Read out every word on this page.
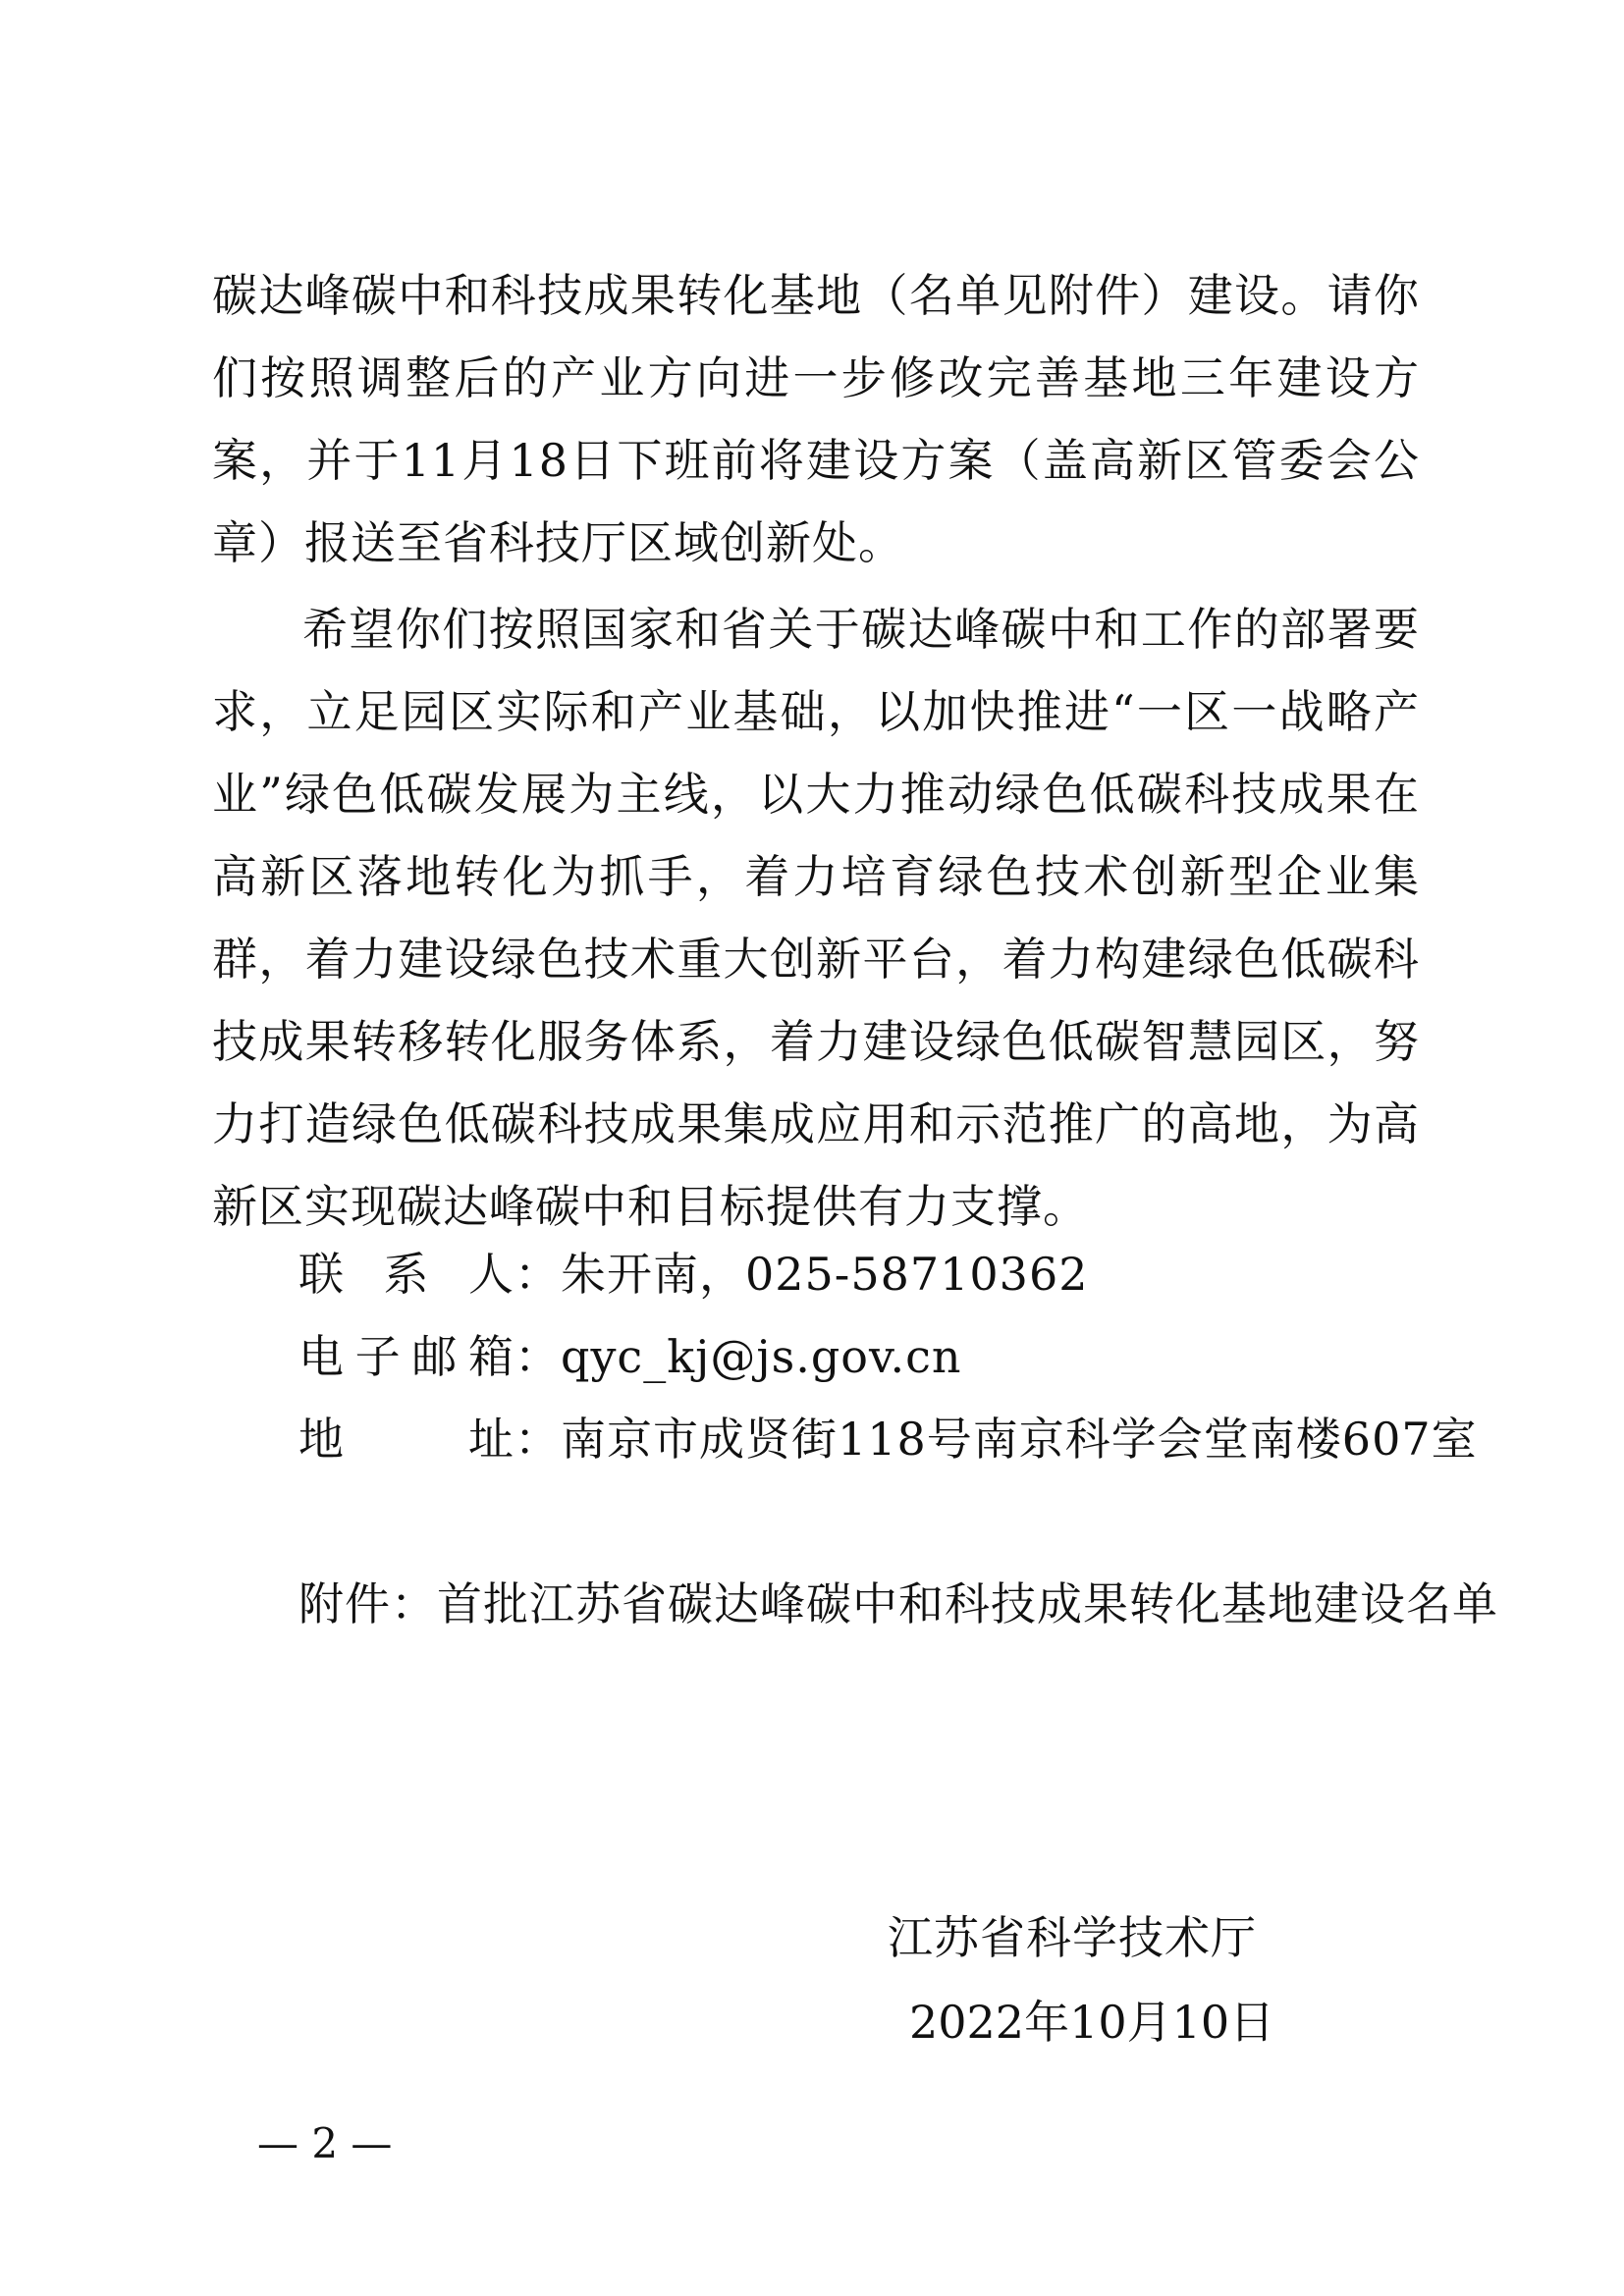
碳达峰碳中和科技成果转化基地（名单见附件）建设。请你们按照调整后的产业方向进一步修改完善基地三年建设方案，并于11月18日下班前将建设方案（盖高新区管委会公章）报送至省科技厅区域创新处。

希望你们按照国家和省关于碳达峰碳中和工作的部署要求，立足园区实际和产业基础，以加快推进“一区一战略产业”绿色低碳发展为主线，以大力推动绿色低碳科技成果在高新区落地转化为抓手，着力培育绿色技术创新型企业集群，着力建设绿色技术重大创新平台，着力构建绿色低碳科技成果转移转化服务体系，着力建设绿色低碳智慧园区，努力打造绿色低碳科技成果集成应用和示范推广的高地，为高新区实现碳达峰碳中和目标提供有力支撑。

联系人：朱开南，025-58710362

电子邮箱：qyc_kj@js.gov.cn

地址：南京市成贤街118号南京科学会堂南楼607室

附件：首批江苏省碳达峰碳中和科技成果转化基地建设名单

江苏省科学技术厅
2022年10月10日
— 2 —
